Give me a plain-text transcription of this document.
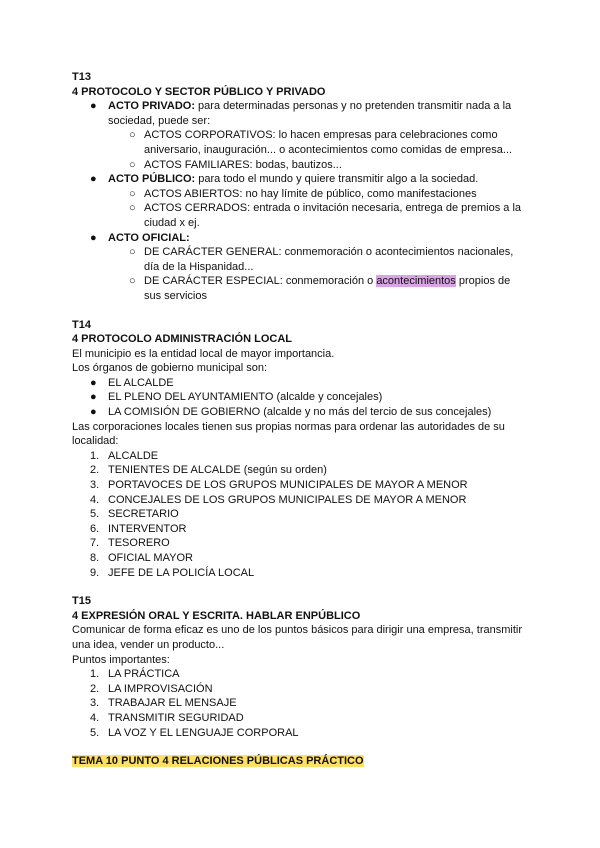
T13
4 PROTOCOLO Y SECTOR PÚBLICO Y PRIVADO
● ACTO PRIVADO: para determinadas personas y no pretenden transmitir nada a la
sociedad, puede ser:
○ ACTOS CORPORATIVOS: lo hacen empresas para celebraciones como
aniversario, inauguración... o acontecimientos como comidas de empresa...
○ ACTOS FAMILIARES: bodas, bautizos...
● ACTO PÚBLICO: para todo el mundo y quiere transmitir algo a la sociedad.
○ ACTOS ABIERTOS: no hay límite de público, como manifestaciones
○ ACTOS CERRADOS: entrada o invitación necesaria, entrega de premios a la
ciudad x ej.
● ACTO OFICIAL:
○ DE CARÁCTER GENERAL: conmemoración o acontecimientos nacionales,
día de la Hispanidad...
○ DE CARÁCTER ESPECIAL: conmemoración o acontecimientos propios de
sus servicios
T14
4 PROTOCOLO ADMINISTRACIÓN LOCAL
El municipio es la entidad local de mayor importancia.
Los órganos de gobierno municipal son:
● EL ALCALDE
● EL PLENO DEL AYUNTAMIENTO (alcalde y concejales)
● LA COMISIÓN DE GOBIERNO (alcalde y no más del tercio de sus concejales)
Las corporaciones locales tienen sus propias normas para ordenar las autoridades de su
localidad:
1. ALCALDE
2. TENIENTES DE ALCALDE (según su orden)
3. PORTAVOCES DE LOS GRUPOS MUNICIPALES DE MAYOR A MENOR
4. CONCEJALES DE LOS GRUPOS MUNICIPALES DE MAYOR A MENOR
5. SECRETARIO
6. INTERVENTOR
7. TESORERO
8. OFICIAL MAYOR
9. JEFE DE LA POLICÍA LOCAL
T15
4 EXPRESIÓN ORAL Y ESCRITA. HABLAR ENPÚBLICO
Comunicar de forma eficaz es uno de los puntos básicos para dirigir una empresa, transmitir
una idea, vender un producto...
Puntos importantes:
1. LA PRÁCTICA
2. LA IMPROVISACIÓN
3. TRABAJAR EL MENSAJE
4. TRANSMITIR SEGURIDAD
5. LA VOZ Y EL LENGUAJE CORPORAL
TEMA 10 PUNTO 4 RELACIONES PÚBLICAS PRÁCTICO
